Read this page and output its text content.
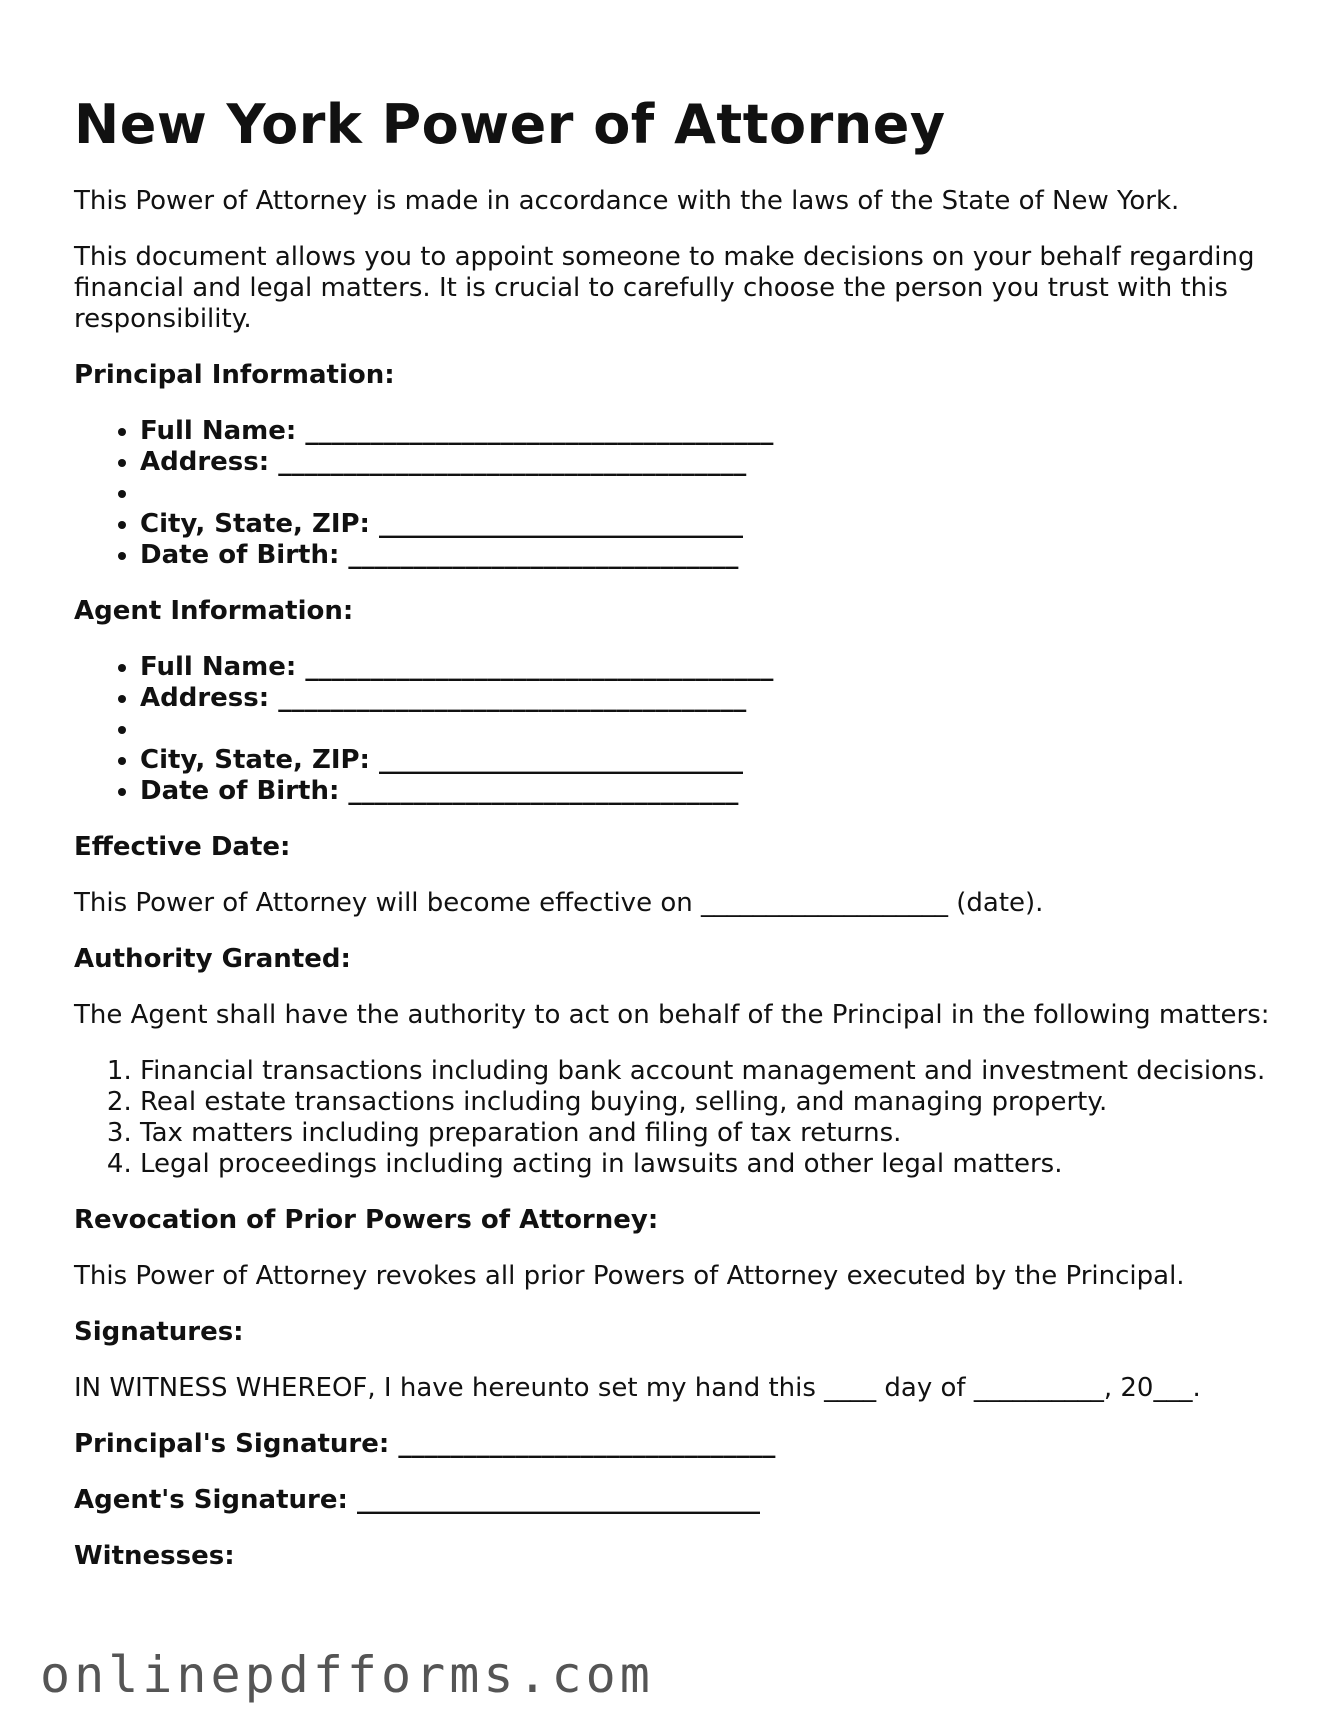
New York Power of Attorney

This Power of Attorney is made in accordance with the laws of the State of New York.

This document allows you to appoint someone to make decisions on your behalf regarding financial and legal matters. It is crucial to carefully choose the person you trust with this responsibility.

Principal Information:
• Full Name: ____________________________________
• Address: ____________________________________
•
• City, State, ZIP: ____________________________
• Date of Birth: ______________________________
Agent Information:
• Full Name: ____________________________________
• Address: ____________________________________
•
• City, State, ZIP: ____________________________
• Date of Birth: ______________________________
Effective Date:

This Power of Attorney will become effective on ___________________ (date).

Authority Granted:

The Agent shall have the authority to act on behalf of the Principal in the following matters:

1. Financial transactions including bank account management and investment decisions.
2. Real estate transactions including buying, selling, and managing property.
3. Tax matters including preparation and filing of tax returns.
4. Legal proceedings including acting in lawsuits and other legal matters.
Revocation of Prior Powers of Attorney:

This Power of Attorney revokes all prior Powers of Attorney executed by the Principal.

Signatures:

IN WITNESS WHEREOF, I have hereunto set my hand this ____ day of __________, 20___.

Principal's Signature: _____________________________
Agent's Signature: _______________________________
Witnesses:
onlinepdfforms.com
